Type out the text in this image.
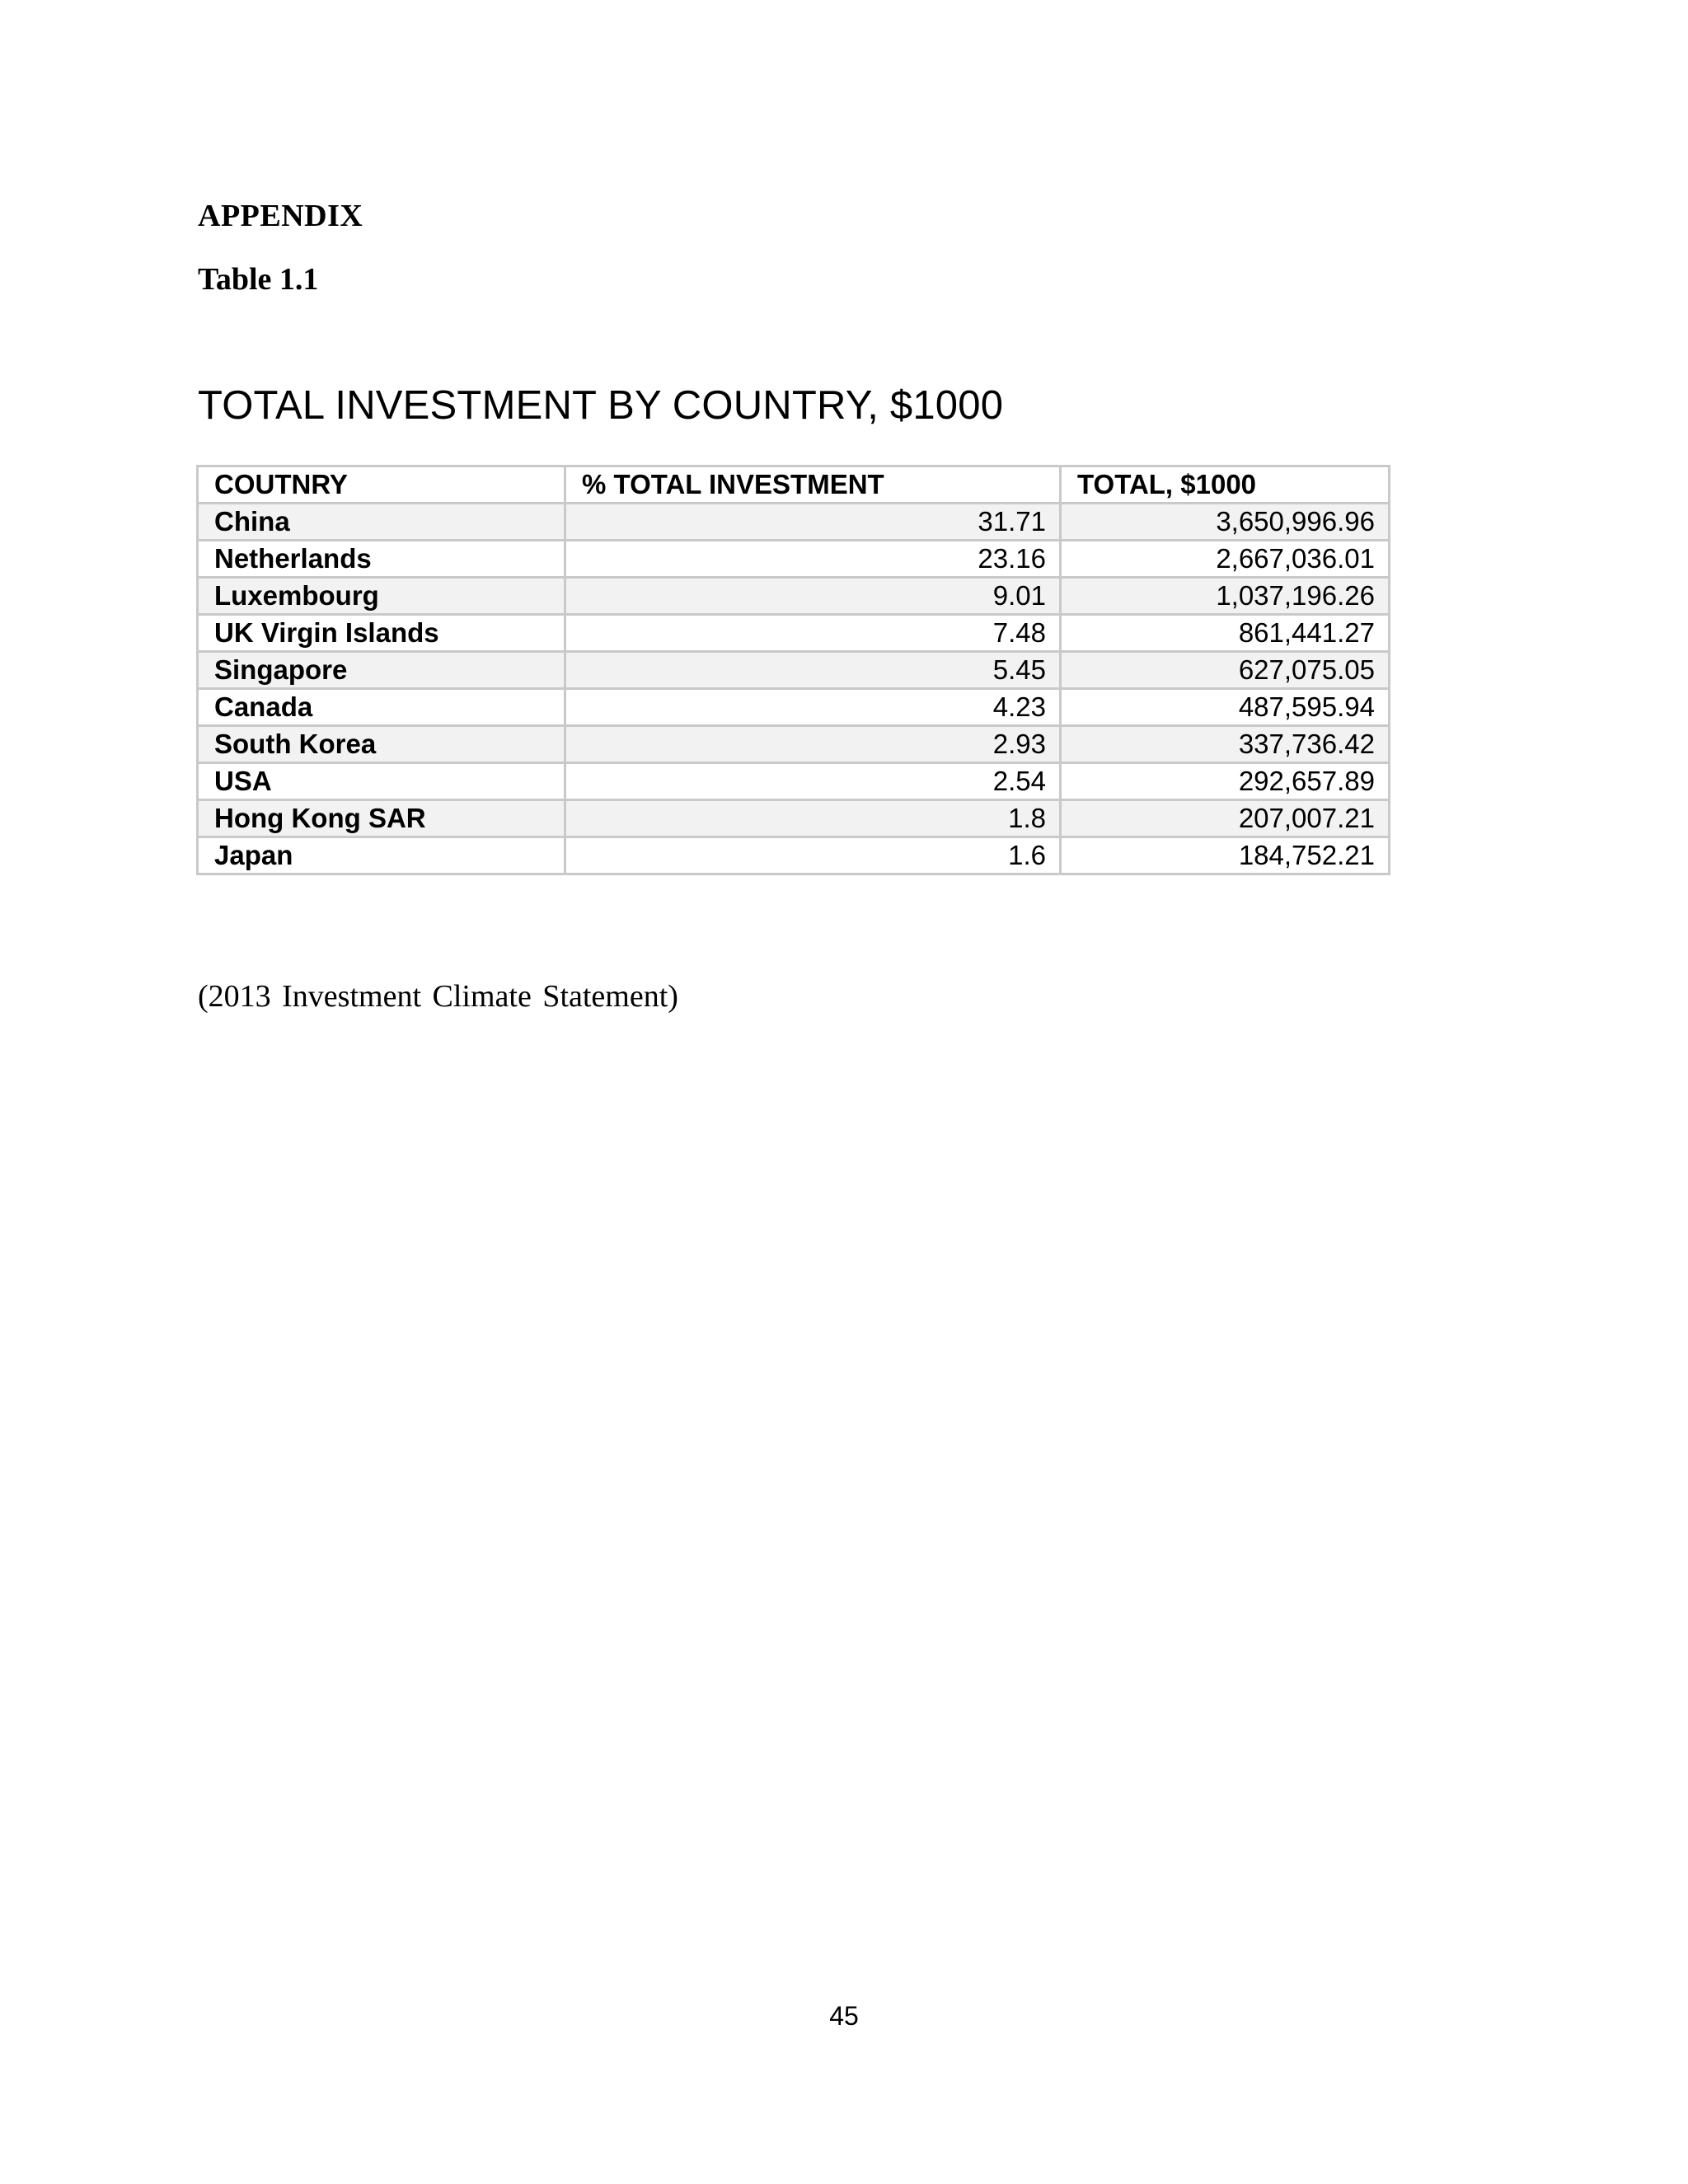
APPENDIX
Table 1.1
TOTAL INVESTMENT BY COUNTRY, $1000
COUTNRY	% TOTAL INVESTMENT	TOTAL, $1000
China	31.71	3,650,996.96
Netherlands	23.16	2,667,036.01
Luxembourg	9.01	1,037,196.26
UK Virgin Islands	7.48	861,441.27
Singapore	5.45	627,075.05
Canada	4.23	487,595.94
South Korea	2.93	337,736.42
USA	2.54	292,657.89
Hong Kong SAR	1.8	207,007.21
Japan	1.6	184,752.21

(2013 Investment Climate Statement)

45
